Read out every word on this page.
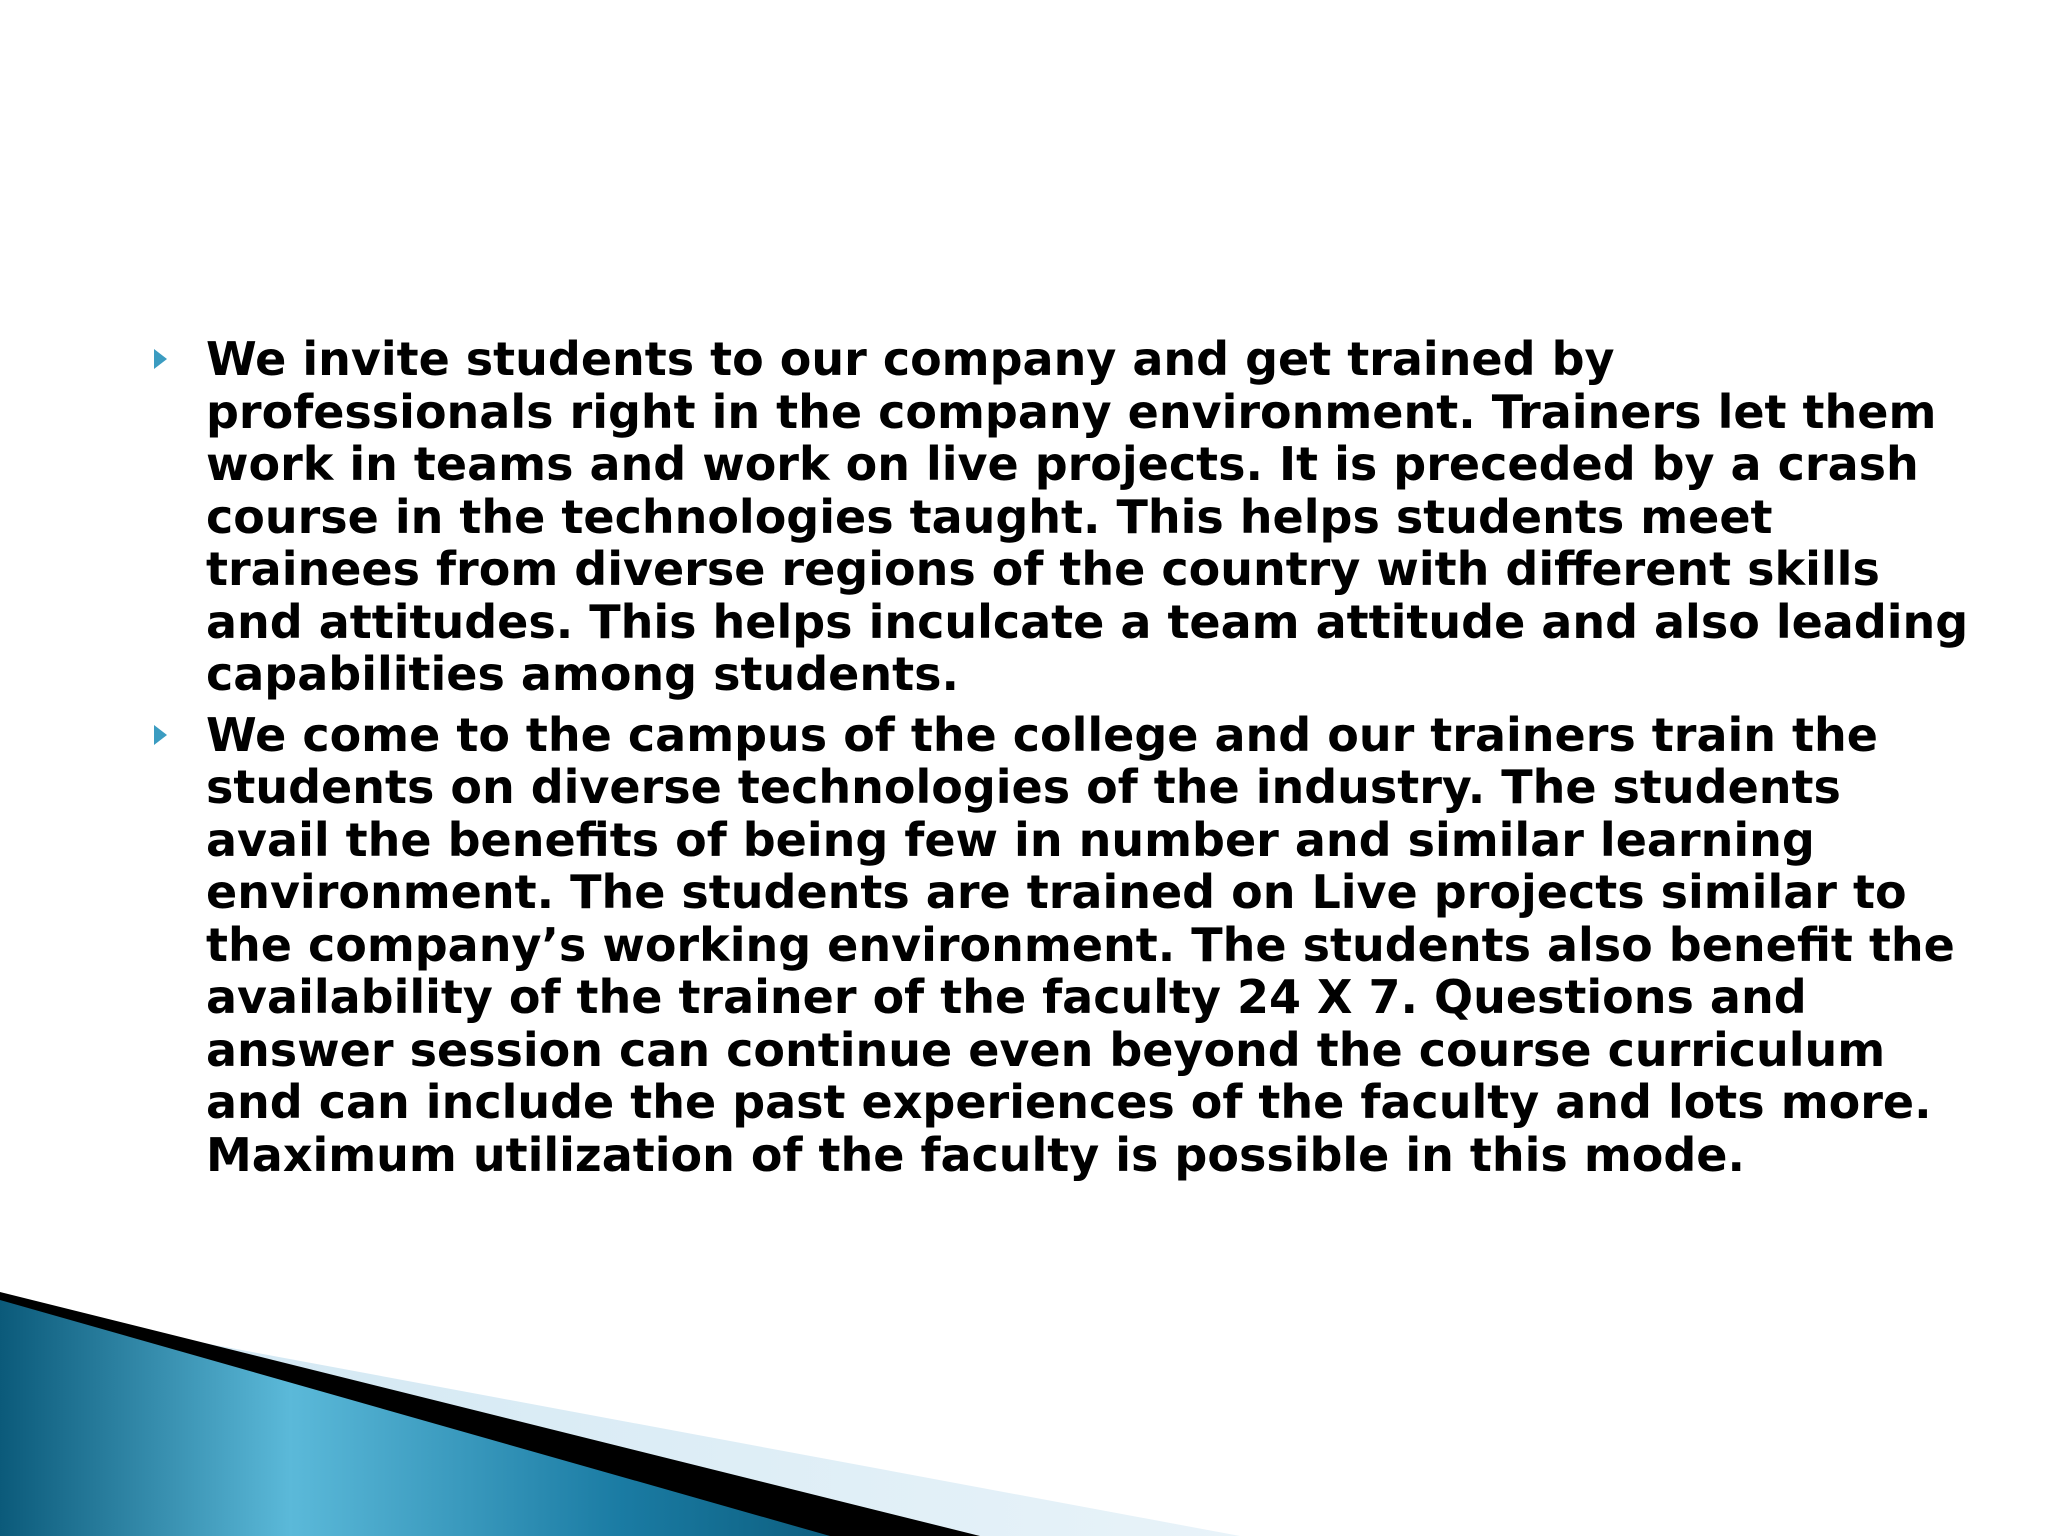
We invite students to our company and get trained by professionals right in the company environment. Trainers let them work in teams and work on live projects. It is preceded by a crash course in the technologies taught. This helps students meet trainees from diverse regions of the country with different skills and attitudes. This helps inculcate a team attitude and also leading capabilities among students.
We come to the campus of the college and our trainers train the students on diverse technologies of the industry. The students avail the benefits of being few in number and similar learning environment. The students are trained on Live projects similar to the company’s working environment. The students also benefit the availability of the trainer of the faculty 24 X 7. Questions and answer session can continue even beyond the course curriculum and can include the past experiences of the faculty and lots more. Maximum utilization of the faculty is possible in this mode.
